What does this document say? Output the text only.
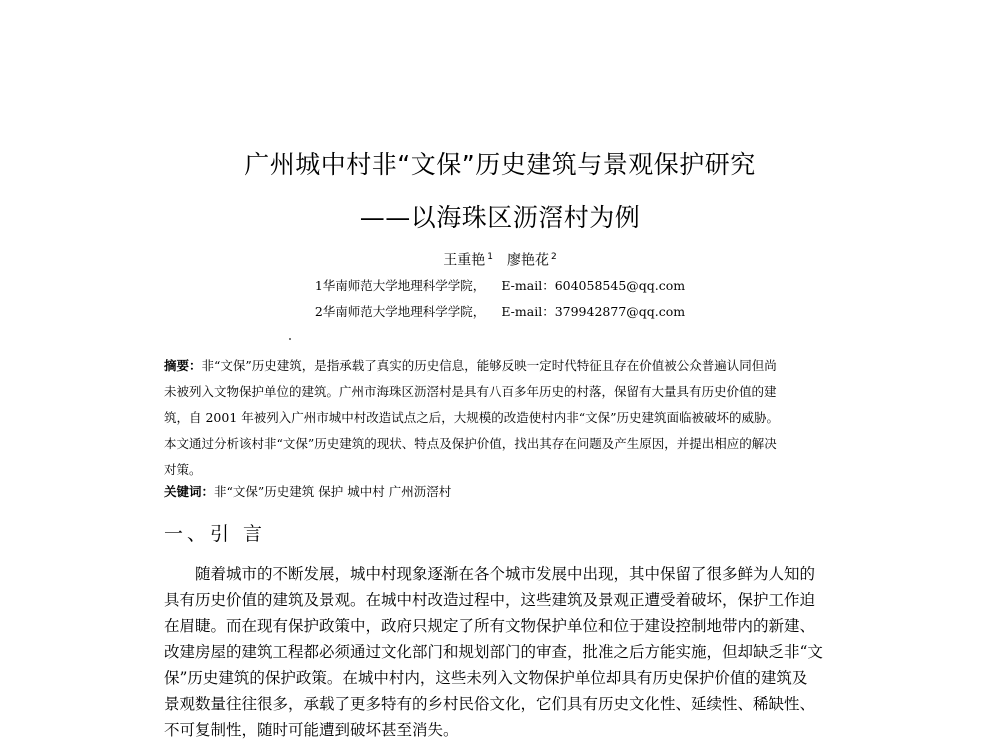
广州城中村非“文保”历史建筑与景观保护研究
——以海珠区沥滘村为例
王重艳 $^1$ 廖艳花 $^2$
1华南师范大学地理科学学院， E-mail：604058545@qq.com
2华南师范大学地理科学学院， E-mail：379942877@qq.com
摘要：非“文保”历史建筑，是指承载了真实的历史信息，能够反映一定时代特征且存在价值被公众普遍认同但尚
未被列入文物保护单位的建筑。广州市海珠区沥滘村是具有八百多年历史的村落，保留有大量具有历史价值的建
筑，自 2001 年被列入广州市城中村改造试点之后，大规模的改造使村内非“文保”历史建筑面临被破坏的威胁。
本文通过分析该村非“文保”历史建筑的现状、特点及保护价值，找出其存在问题及产生原因，并提出相应的解决
对策。
关键词：非“文保”历史建筑 保护 城中村 广州沥滘村
一、引 言
随着城市的不断发展，城中村现象逐渐在各个城市发展中出现，其中保留了很多鲜为人知的
具有历史价值的建筑及景观。在城中村改造过程中，这些建筑及景观正遭受着破坏，保护工作迫
在眉睫。而在现有保护政策中，政府只规定了所有文物保护单位和位于建设控制地带内的新建、
改建房屋的建筑工程都必须通过文化部门和规划部门的审查，批准之后方能实施，但却缺乏非“文
保”历史建筑的保护政策。在城中村内，这些未列入文物保护单位却具有历史保护价值的建筑及
景观数量往往很多，承载了更多特有的乡村民俗文化，它们具有历史文化性、延续性、稀缺性、
不可复制性，随时可能遭到破坏甚至消失。
